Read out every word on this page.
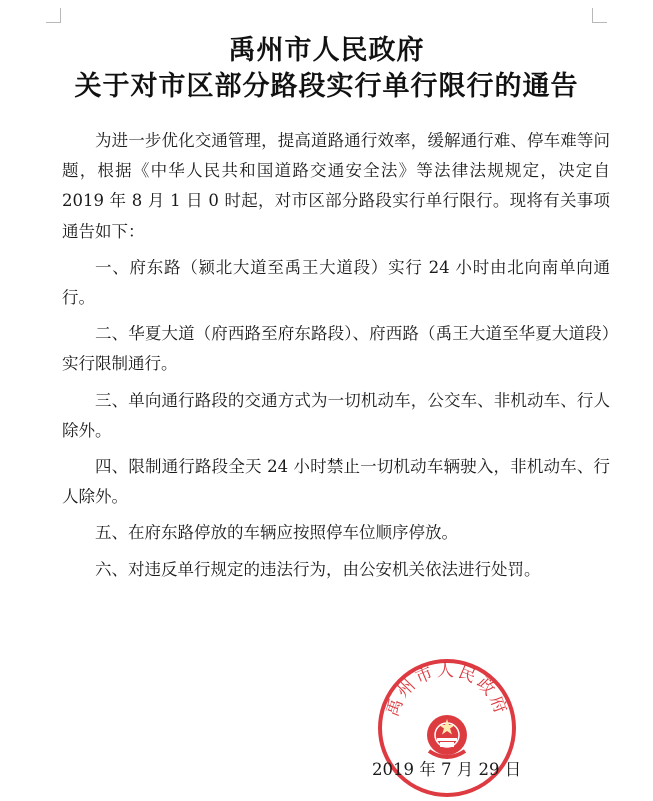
禹州市人民政府
关于对市区部分路段实行单行限行的通告

为进一步优化交通管理，提高道路通行效率，缓解通行难、停车难等问题，根据《中华人民共和国道路交通安全法》等法律法规规定，决定自 2019 年 8 月 1 日 0 时起，对市区部分路段实行单行限行。现将有关事项通告如下：

一、府东路（颍北大道至禹王大道段）实行 24 小时由北向南单向通行。

二、华夏大道（府西路至府东路段）、府西路（禹王大道至华夏大道段）实行限制通行。

三、单向通行路段的交通方式为一切机动车，公交车、非机动车、行人除外。

四、限制通行路段全天 24 小时禁止一切机动车辆驶入，非机动车、行人除外。

五、在府东路停放的车辆应按照停车位顺序停放。

六、对违反单行规定的违法行为，由公安机关依法进行处罚。

禹州市人民政府
2019 年 7 月 29 日
